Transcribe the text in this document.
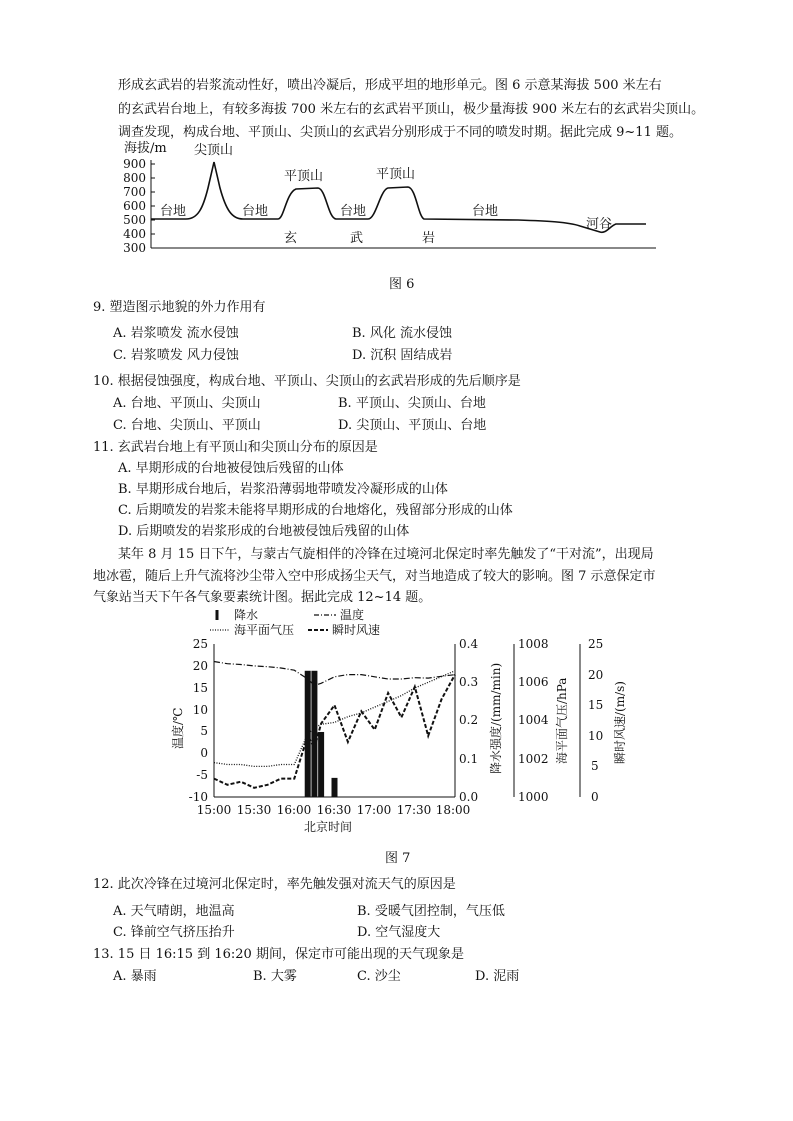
形成玄武岩的岩浆流动性好，喷出冷凝后，形成平坦的地形单元。图 6 示意某海拔 500 米左右
的玄武岩台地上，有较多海拔 700 米左右的玄武岩平顶山，极少量海拔 900 米左右的玄武岩尖顶山。
调查发现，构成台地、平顶山、尖顶山的玄武岩分别形成于不同的喷发时期。据此完成 9~11 题。
海拔/m
900
800
700
600
500
400
300
尖顶山
平顶山	平顶山
台地	台地	台地	台地
河谷
玄	武	岩
图 6
9. 塑造图示地貌的外力作用有
A. 岩浆喷发 流水侵蚀	B. 风化 流水侵蚀
C. 岩浆喷发 风力侵蚀	D. 沉积 固结成岩
10. 根据侵蚀强度，构成台地、平顶山、尖顶山的玄武岩形成的先后顺序是
A. 台地、平顶山、尖顶山	B. 平顶山、尖顶山、台地
C. 台地、尖顶山、平顶山	D. 尖顶山、平顶山、台地
11. 玄武岩台地上有平顶山和尖顶山分布的原因是
A. 早期形成的台地被侵蚀后残留的山体
B. 早期形成台地后，岩浆沿薄弱地带喷发冷凝形成的山体
C. 后期喷发的岩浆未能将早期形成的台地熔化，残留部分形成的山体
D. 后期喷发的岩浆形成的台地被侵蚀后残留的山体
某年 8 月 15 日下午，与蒙古气旋相伴的冷锋在过境河北保定时率先触发了“干对流”，出现局
地冰雹，随后上升气流将沙尘带入空中形成扬尘天气，对当地造成了较大的影响。图 7 示意保定市
气象站当天下午各气象要素统计图。据此完成 12~14 题。
降水	温度
海平面气压	瞬时风速
25
20
15
10
5
0
-5
-10
温度/℃
0.4
0.3
0.2
0.1
0.0
降水强度/(mm/min)
1008
1006
1004
1002
1000
海平面气压/hPa
25
20
15
10
5
0
瞬时风速/(m/s)
15:00 15:30 16:00 16:30 17:00 17:30 18:00
北京时间
图 7
12. 此次冷锋在过境河北保定时，率先触发强对流天气的原因是
A. 天气晴朗，地温高	B. 受暖气团控制，气压低
C. 锋前空气挤压抬升	D. 空气湿度大
13. 15 日 16:15 到 16:20 期间，保定市可能出现的天气现象是
A. 暴雨	B. 大雾	C. 沙尘	D. 泥雨
